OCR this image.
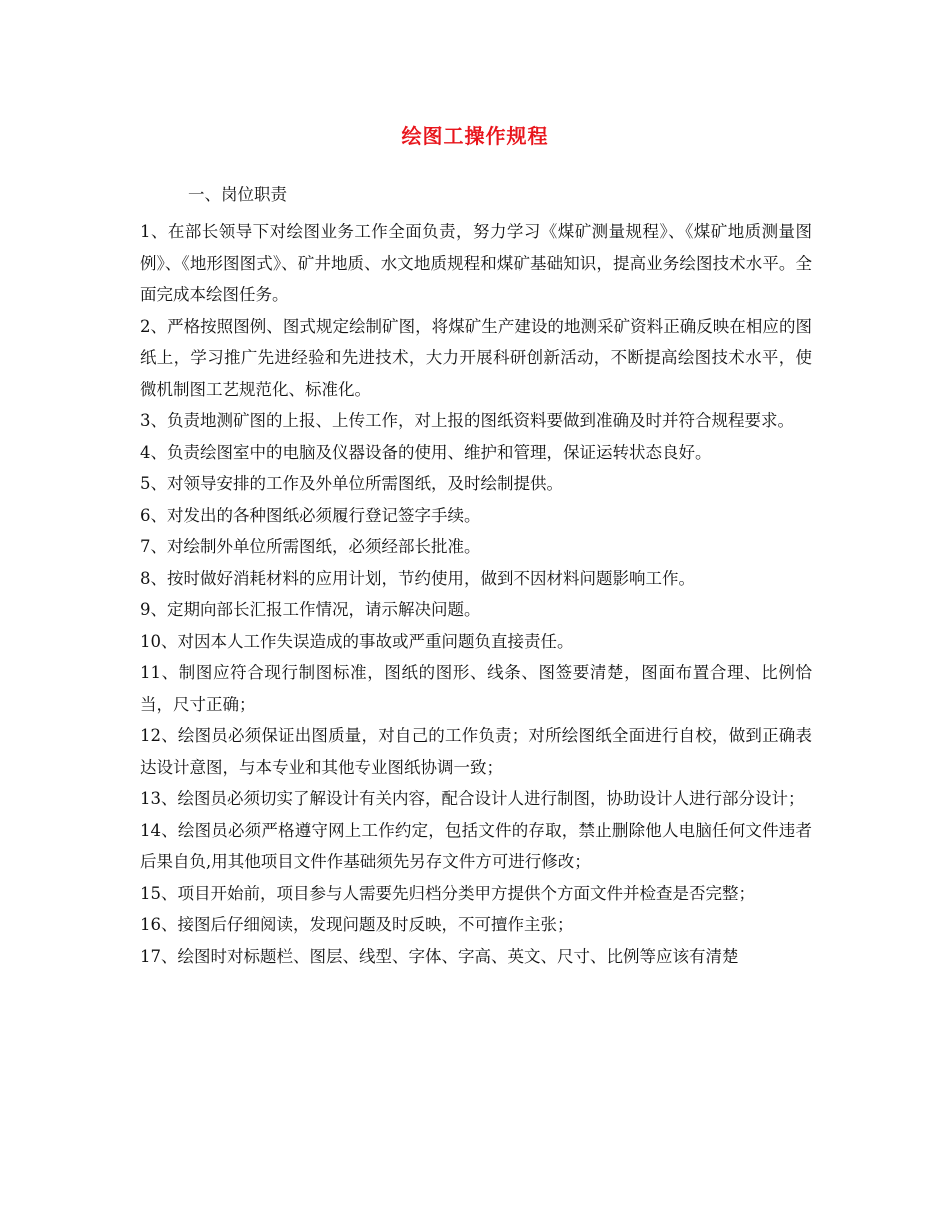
绘图工操作规程
一、岗位职责

1、在部长领导下对绘图业务工作全面负责，努力学习《煤矿测量规程》、《煤矿地质测量图例》、《地形图图式》、矿井地质、水文地质规程和煤矿基础知识，提高业务绘图技术水平。全面完成本绘图任务。

2、严格按照图例、图式规定绘制矿图，将煤矿生产建设的地测采矿资料正确反映在相应的图纸上，学习推广先进经验和先进技术，大力开展科研创新活动，不断提高绘图技术水平，使微机制图工艺规范化、标准化。

3、负责地测矿图的上报、上传工作，对上报的图纸资料要做到准确及时并符合规程要求。

4、负责绘图室中的电脑及仪器设备的使用、维护和管理，保证运转状态良好。

5、对领导安排的工作及外单位所需图纸，及时绘制提供。

6、对发出的各种图纸必须履行登记签字手续。

7、对绘制外单位所需图纸，必须经部长批准。

8、按时做好消耗材料的应用计划，节约使用，做到不因材料问题影响工作。

9、定期向部长汇报工作情况，请示解决问题。

10、对因本人工作失误造成的事故或严重问题负直接责任。

11、制图应符合现行制图标准，图纸的图形、线条、图签要清楚，图面布置合理、比例恰当，尺寸正确；

12、绘图员必须保证出图质量，对自己的工作负责；对所绘图纸全面进行自校，做到正确表达设计意图，与本专业和其他专业图纸协调一致；

13、绘图员必须切实了解设计有关内容，配合设计人进行制图，协助设计人进行部分设计；

14、绘图员必须严格遵守网上工作约定，包括文件的存取，禁止删除他人电脑任何文件违者后果自负,用其他项目文件作基础须先另存文件方可进行修改；

15、项目开始前，项目参与人需要先归档分类甲方提供个方面文件并检查是否完整；

16、接图后仔细阅读，发现问题及时反映，不可擅作主张；

17、绘图时对标题栏、图层、线型、字体、字高、英文、尺寸、比例等应该有清楚
